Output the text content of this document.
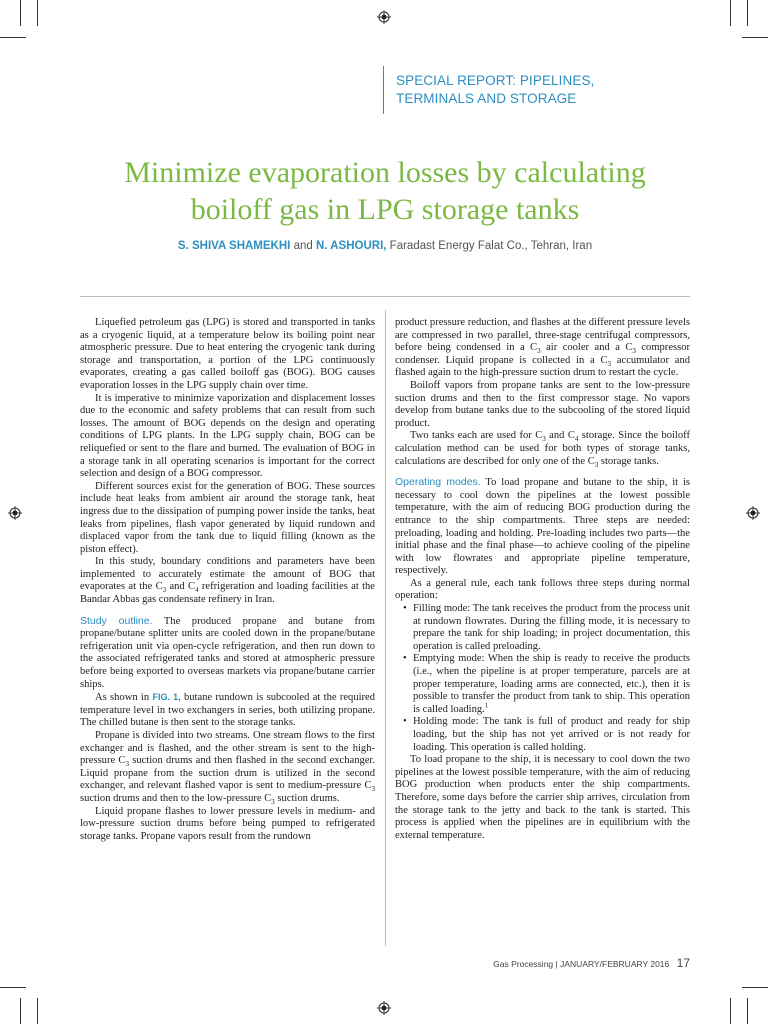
SPECIAL REPORT: PIPELINES,
TERMINALS AND STORAGE
Minimize evaporation losses by calculating
boiloff gas in LPG storage tanks
S. SHIVA SHAMEKHI and N. ASHOURI, Faradast Energy Falat Co., Tehran, Iran

Liquefied petroleum gas (LPG) is stored and transported in tanks as a cryogenic liquid, at a temperature below its boiling point near atmospheric pressure. Due to heat entering the cryogenic tank during storage and transportation, a portion of the LPG continuously evaporates, creating a gas called boiloff gas (BOG). BOG causes evaporation losses in the LPG supply chain over time.

It is imperative to minimize vaporization and displacement losses due to the economic and safety problems that can result from such losses. The amount of BOG depends on the design and operating conditions of LPG plants. In the LPG supply chain, BOG can be reliquefied or sent to the flare and burned. The evaluation of BOG in a storage tank in all operating scenarios is important for the correct selection and design of a BOG compressor.

Different sources exist for the generation of BOG. These sources include heat leaks from ambient air around the storage tank, heat ingress due to the dissipation of pumping power inside the tanks, heat leaks from pipelines, flash vapor generated by liquid rundown and displaced vapor from the tank due to liquid filling (known as the piston effect).

In this study, boundary conditions and parameters have been implemented to accurately estimate the amount of BOG that evaporates at the $C_3$ and $C_4$ refrigeration and loading facilities at the Bandar Abbas gas condensate refinery in Iran.

Study outline. The produced propane and butane from propane/butane splitter units are cooled down in the propane/butane refrigeration unit via open-cycle refrigeration, and then run down to the associated refrigerated tanks and stored at atmospheric pressure before being exported to overseas markets via propane/butane carrier ships.

As shown in FIG. 1, butane rundown is subcooled at the required temperature level in two exchangers in series, both utilizing propane. The chilled butane is then sent to the storage tanks.

Propane is divided into two streams. One stream flows to the first exchanger and is flashed, and the other stream is sent to the high-pressure $C_3$ suction drums and then flashed in the second exchanger. Liquid propane from the suction drum is utilized in the second exchanger, and relevant flashed vapor is sent to medium-pressure $C_3$ suction drums and then to the low-pressure $C_3$ suction drums.

Liquid propane flashes to lower pressure levels in medium- and low-pressure suction drums before being pumped to refrigerated storage tanks. Propane vapors result from the rundown

product pressure reduction, and flashes at the different pressure levels are compressed in two parallel, three-stage centrifugal compressors, before being condensed in a $C_3$ air cooler and a $C_3$ compressor condenser. Liquid propane is collected in a $C_3$ accumulator and flashed again to the high-pressure suction drum to restart the cycle.

Boiloff vapors from propane tanks are sent to the low-pressure suction drums and then to the first compressor stage. No vapors develop from butane tanks due to the subcooling of the stored liquid product.

Two tanks each are used for $C_3$ and $C_4$ storage. Since the boiloff calculation method can be used for both types of storage tanks, calculations are described for only one of the $C_3$ storage tanks.

Operating modes. To load propane and butane to the ship, it is necessary to cool down the pipelines at the lowest possible temperature, with the aim of reducing BOG production during the entrance to the ship compartments. Three steps are needed: preloading, loading and holding. Pre-loading includes two parts—the initial phase and the final phase—to achieve cooling of the pipeline with low flowrates and appropriate pipeline temperature, respectively.

As a general rule, each tank follows three steps during normal operation:

• Filling mode: The tank receives the product from the process unit at rundown flowrates. During the filling mode, it is necessary to prepare the tank for ship loading; in project documentation, this operation is called preloading.
• Emptying mode: When the ship is ready to receive the products (i.e., when the pipeline is at proper temperature, parcels are at proper temperature, loading arms are connected, etc.), then it is possible to transfer the product from tank to ship. This operation is called loading.$^1$
• Holding mode: The tank is full of product and ready for ship loading, but the ship has not yet arrived or is not ready for loading. This operation is called holding.

To load propane to the ship, it is necessary to cool down the two pipelines at the lowest possible temperature, with the aim of reducing BOG production when products enter the ship compartments. Therefore, some days before the carrier ship arrives, circulation from the storage tank to the jetty and back to the tank is started. This process is applied when the pipelines are in equilibrium with the external temperature.

Gas Processing | JANUARY/FEBRUARY 2016 17
